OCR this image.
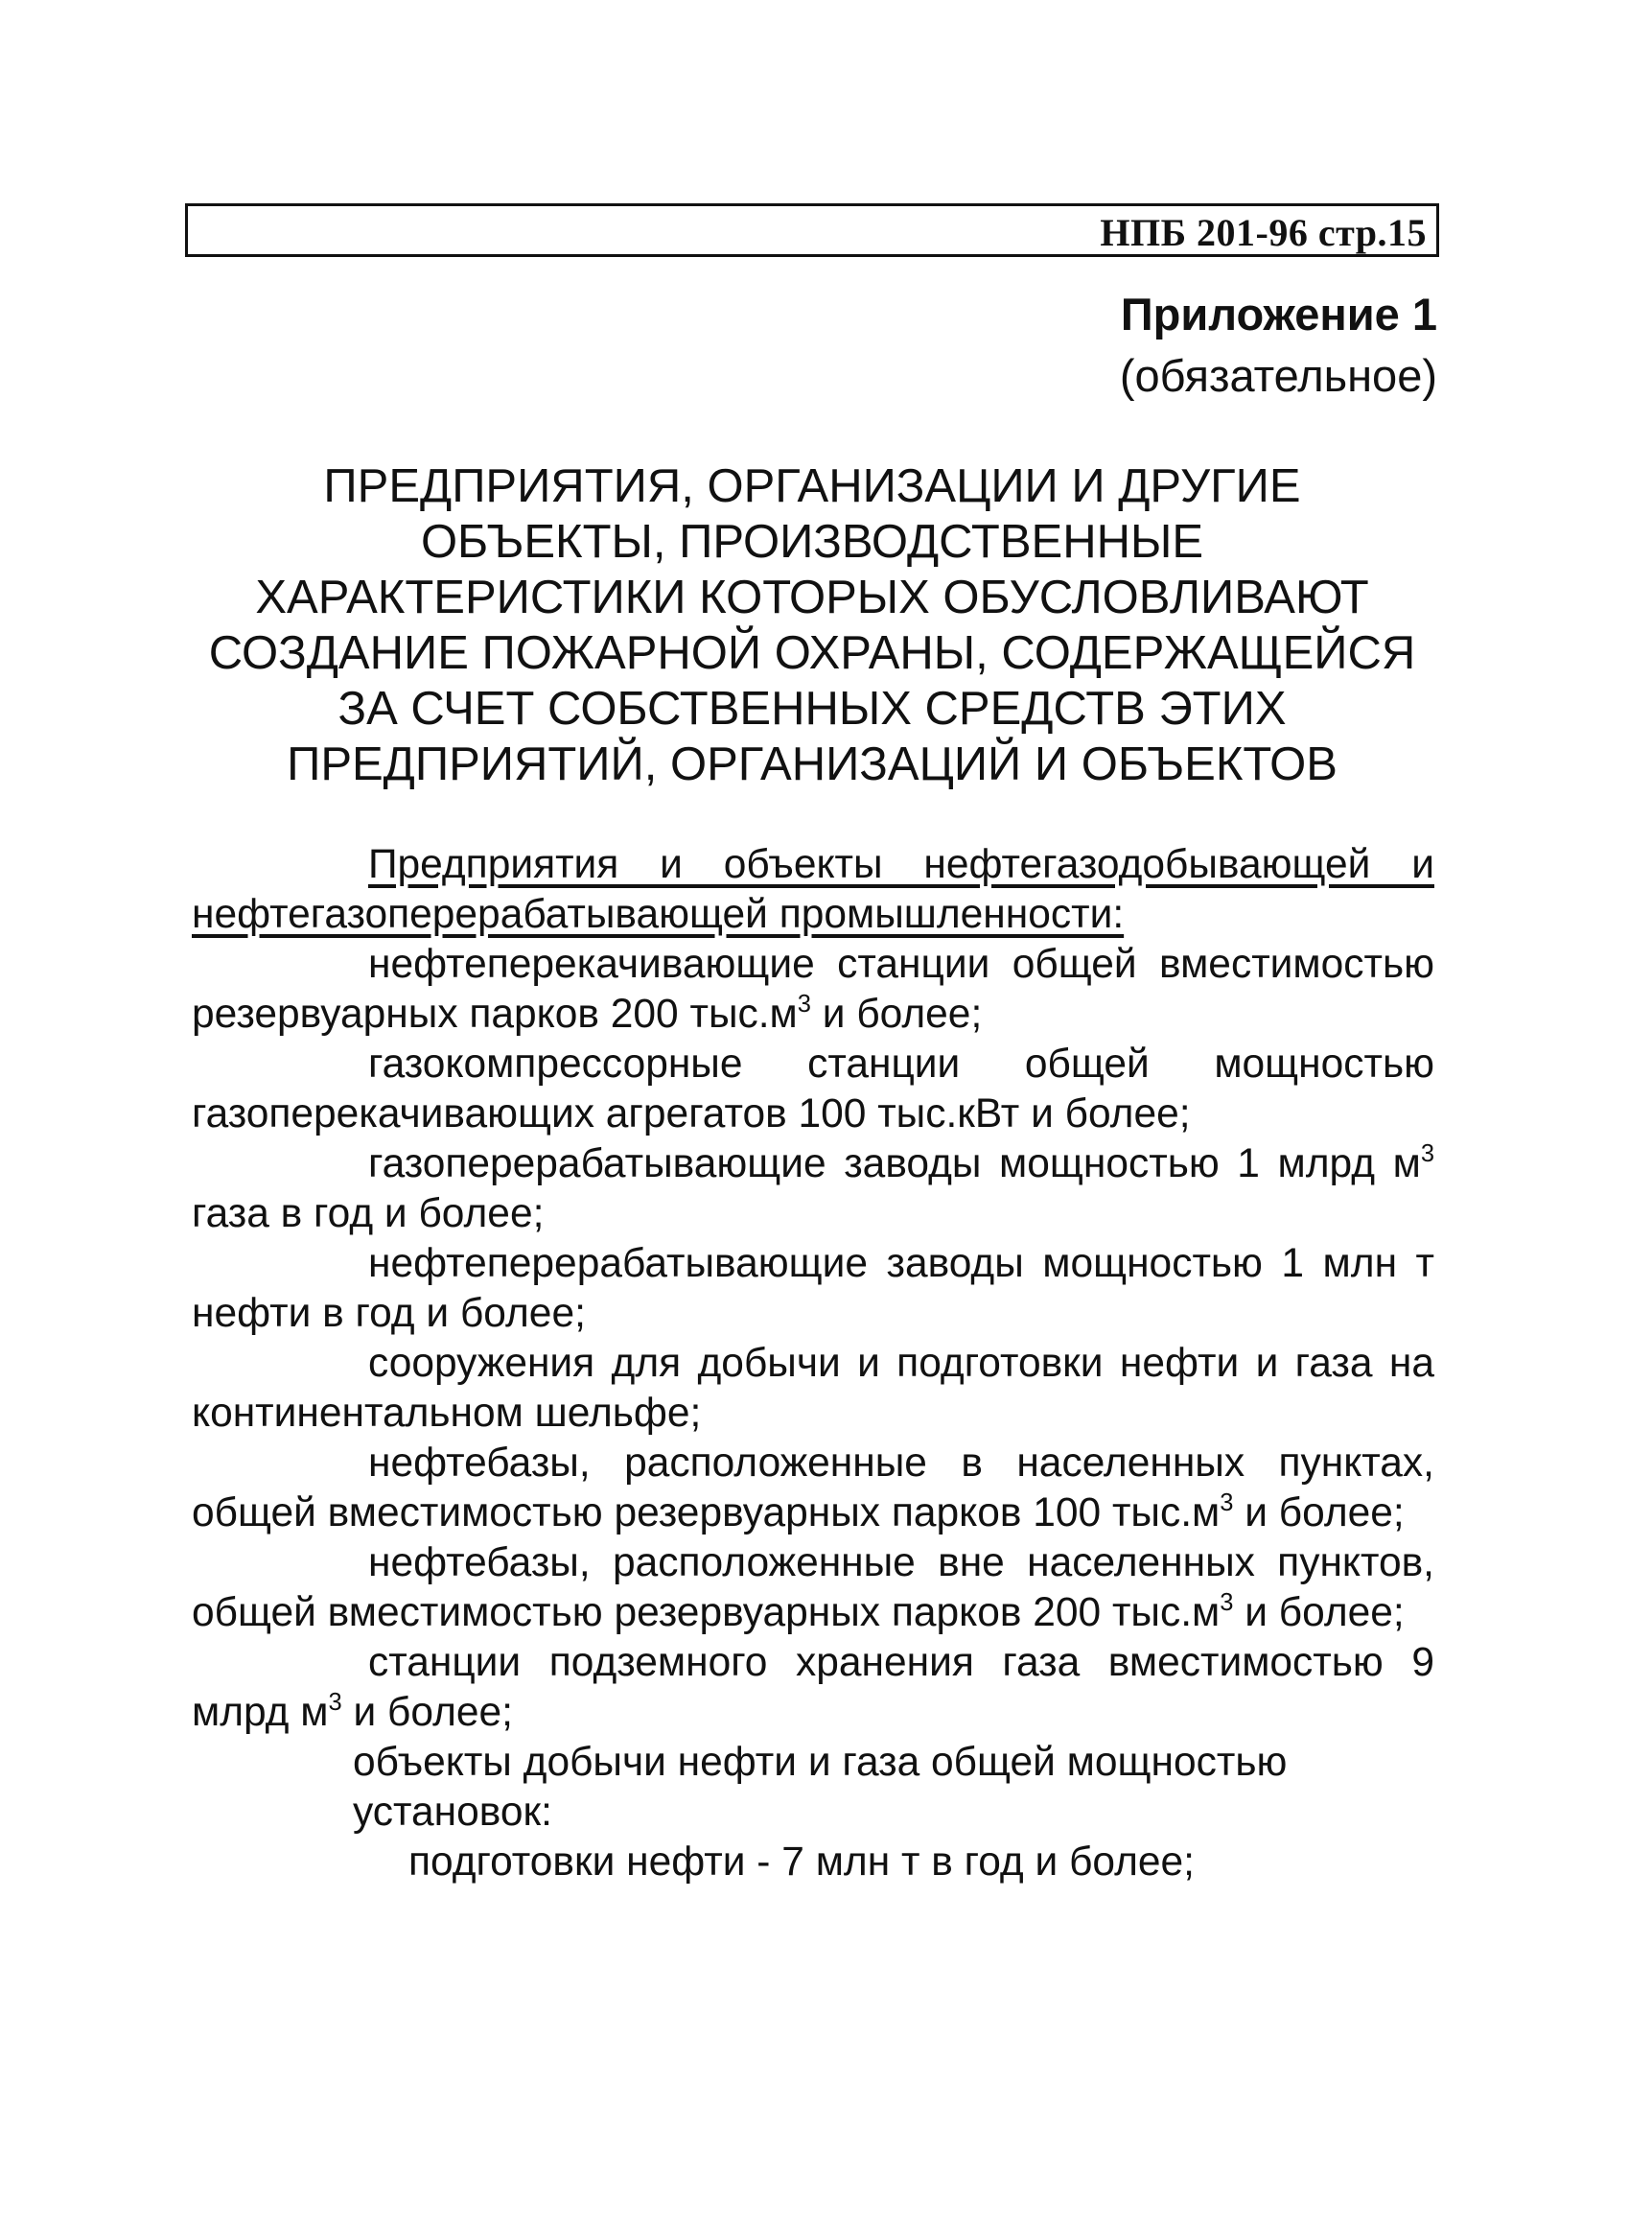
НПБ 201-96 стр.15
Приложение 1
(обязательное)
ПРЕДПРИЯТИЯ, ОРГАНИЗАЦИИ И ДРУГИЕ
ОБЪЕКТЫ, ПРОИЗВОДСТВЕННЫЕ
ХАРАКТЕРИСТИКИ КОТОРЫХ ОБУСЛОВЛИВАЮТ
СОЗДАНИЕ ПОЖАРНОЙ ОХРАНЫ, СОДЕРЖАЩЕЙСЯ
ЗА СЧЕТ СОБСТВЕННЫХ СРЕДСТВ ЭТИХ
ПРЕДПРИЯТИЙ, ОРГАНИЗАЦИЙ И ОБЪЕКТОВ

Предприятия и объекты нефтегазодобывающей и нефтегазоперерабатывающей промышленности:

нефтеперекачивающие станции общей вместимостью резервуарных парков 200 $тыс.м^3$ и более;

газокомпрессорные станции общей мощностью газоперекачивающих агрегатов 100 тыс.кВт и более;

газоперерабатывающие заводы мощностью 1 млрд $м^3$ газа в год и более;

нефтеперерабатывающие заводы мощностью 1 млн т нефти в год и более;

сооружения для добычи и подготовки нефти и газа на континентальном шельфе;

нефтебазы, расположенные в населенных пунктах, общей вместимостью резервуарных парков 100 $тыс.м^3$ и более;

нефтебазы, расположенные вне населенных пунктов, общей вместимостью резервуарных парков 200 $тыс.м^3$ и более;

станции подземного хранения газа вместимостью 9 млрд $м^3$ и более;

объекты добычи нефти и газа общей мощностью
установок:

подготовки нефти - 7 млн т в год и более;
